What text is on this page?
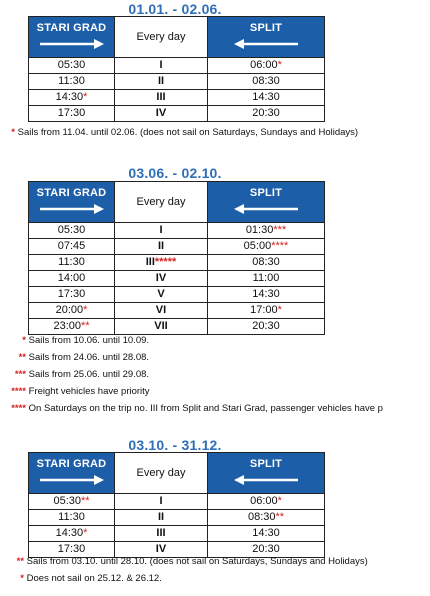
01.01. - 02.06.
STARI GRAD	Every day	SPLIT

05:30	I	06:00*
11:30	II	08:30
14:30*	III	14:30
17:30	IV	20:30
* Sails from 11.04. until 02.06. (does not sail on Saturdays, Sundays and Holidays)
03.06. - 02.10.
STARI GRAD	Every day	SPLIT

05:30	I	01:30***
07:45	II	05:00****
11:30	III*****	08:30
14:00	IV	11:00
17:30	V	14:30
20:00*	VI	17:00*
23:00**	VII	20:30
* Sails from 10.06. until 10.09.
** Sails from 24.06. until 28.08.
*** Sails from 25.06. until 29.08.
**** Freight vehicles have priority
**** On Saturdays on the trip no. III from Split and Stari Grad, passenger vehicles have p
03.10. - 31.12.
STARI GRAD	Every day	SPLIT

05:30**	I	06:00*
11:30	II	08:30**
14:30*	III	14:30
17:30	IV	20:30
** Sails from 03.10. until 28.10. (does not sail on Saturdays, Sundays and Holidays)
* Does not sail on 25.12. & 26.12.
